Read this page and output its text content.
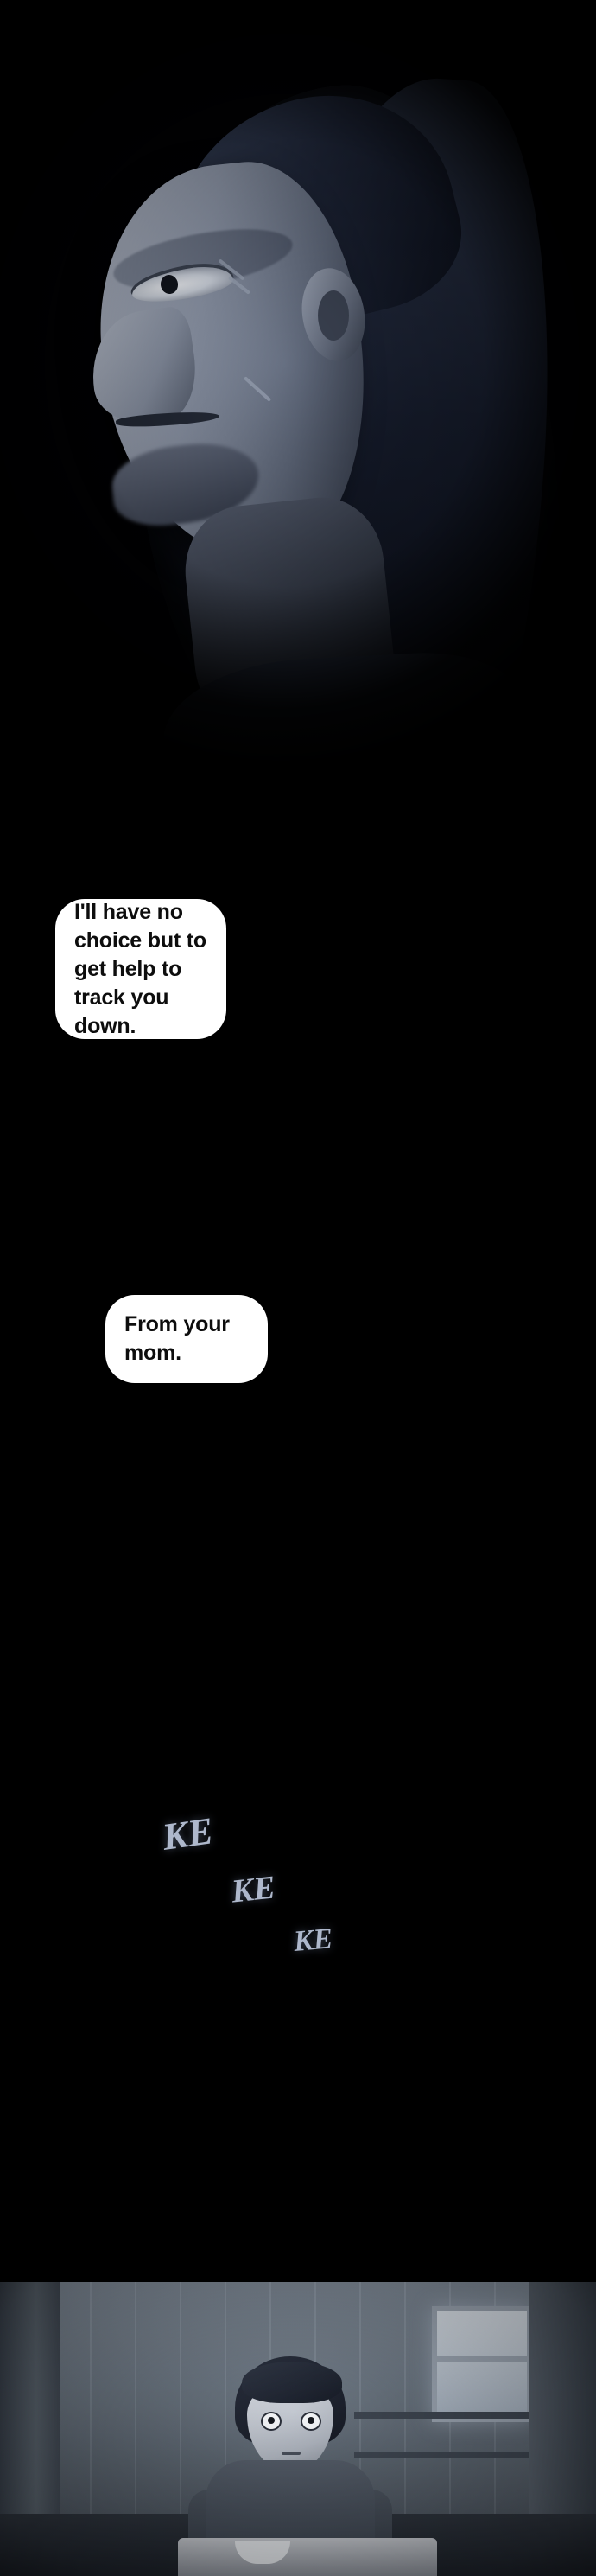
I'll have no choice but to get help to track you down.
From your mom.
KE
KE
KE
